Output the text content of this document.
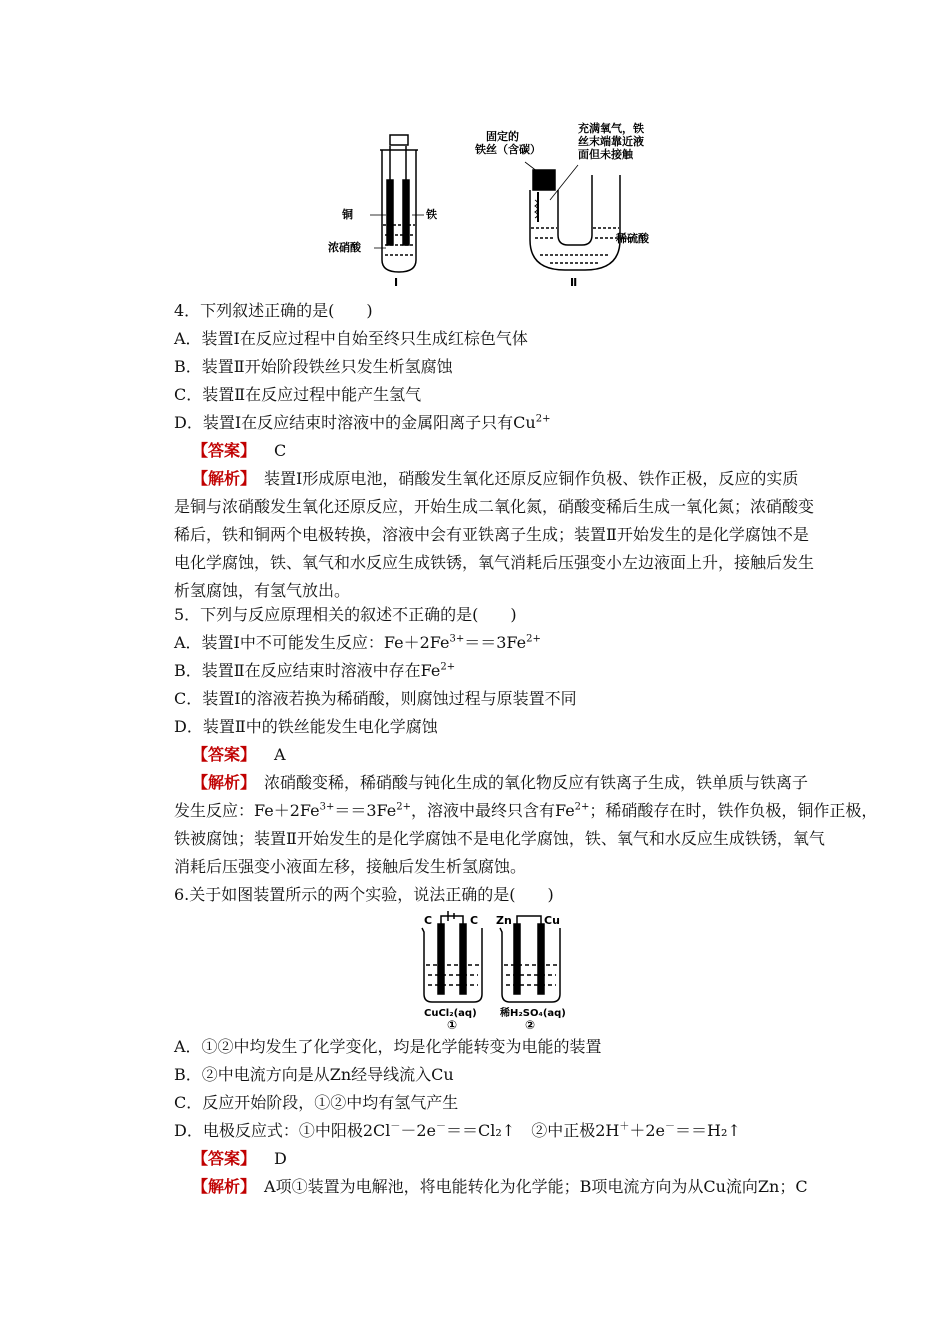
铜	铁
浓硝酸
Ⅰ
固定的铁丝（含碳）
充满氧气，铁丝末端靠近液面但未接触
稀硫酸
Ⅱ
4．下列叙述正确的是(　　)
A．装置Ⅰ在反应过程中自始至终只生成红棕色气体
B．装置Ⅱ开始阶段铁丝只发生析氢腐蚀
C．装置Ⅱ在反应过程中能产生氢气
D．装置Ⅰ在反应结束时溶液中的金属阳离子只有$Cu^{2+}$
【答案】 C
【解析】　 装置Ⅰ形成原电池，硝酸发生氧化还原反应铜作负极、铁作正极，反应的实质是铜与浓硝酸发生氧化还原反应，开始生成二氧化氮，硝酸变稀后生成一氧化氮；浓硝酸变稀后，铁和铜两个电极转换，溶液中会有亚铁离子生成；装置Ⅱ开始发生的是化学腐蚀不是电化学腐蚀，铁、氧气和水反应生成铁锈，氧气消耗后压强变小左边液面上升，接触后发生析氢腐蚀，有氢气放出。
5．下列与反应原理相关的叙述不正确的是(　　)
A．装置Ⅰ中不可能发生反应：$Fe+2Fe^{3+}==3Fe^{2+}$
B．装置Ⅱ在反应结束时溶液中存在$Fe^{2+}$
C．装置Ⅰ的溶液若换为稀硝酸，则腐蚀过程与原装置不同
D．装置Ⅱ中的铁丝能发生电化学腐蚀
【答案】 A
【解析】　 浓硝酸变稀，稀硝酸与钝化生成的氧化物反应有铁离子生成，铁单质与铁离子
发生反应：$Fe+2Fe^{3+}==3Fe^{2+}$，溶液中最终只含有$Fe^{2+}$；稀硝酸存在时，铁作负极，铜作正极，
铁被腐蚀；装置Ⅱ开始发生的是化学腐蚀不是电化学腐蚀，铁、氧气和水反应生成铁锈，氧气
消耗后压强变小液面左移，接触后发生析氢腐蚀。
6.关于如图装置所示的两个实验，说法正确的是(　　)
C	C Zn	Cu
CuCl₂(aq) 稀H₂SO₄(aq)
①	②
A．①②中均发生了化学变化，均是化学能转变为电能的装置
B．②中电流方向是从Zn经导线流入Cu
C．反应开始阶段，①②中均有氢气产生
D．电极反应式：①中阳极2Cl－－2e－＝＝Cl₂↑　②中正极2H＋＋2e－＝＝H₂↑
【答案】 D
【解析】　 A项①装置为电解池，将电能转化为化学能；B项电流方向为从Cu流向Zn；C
